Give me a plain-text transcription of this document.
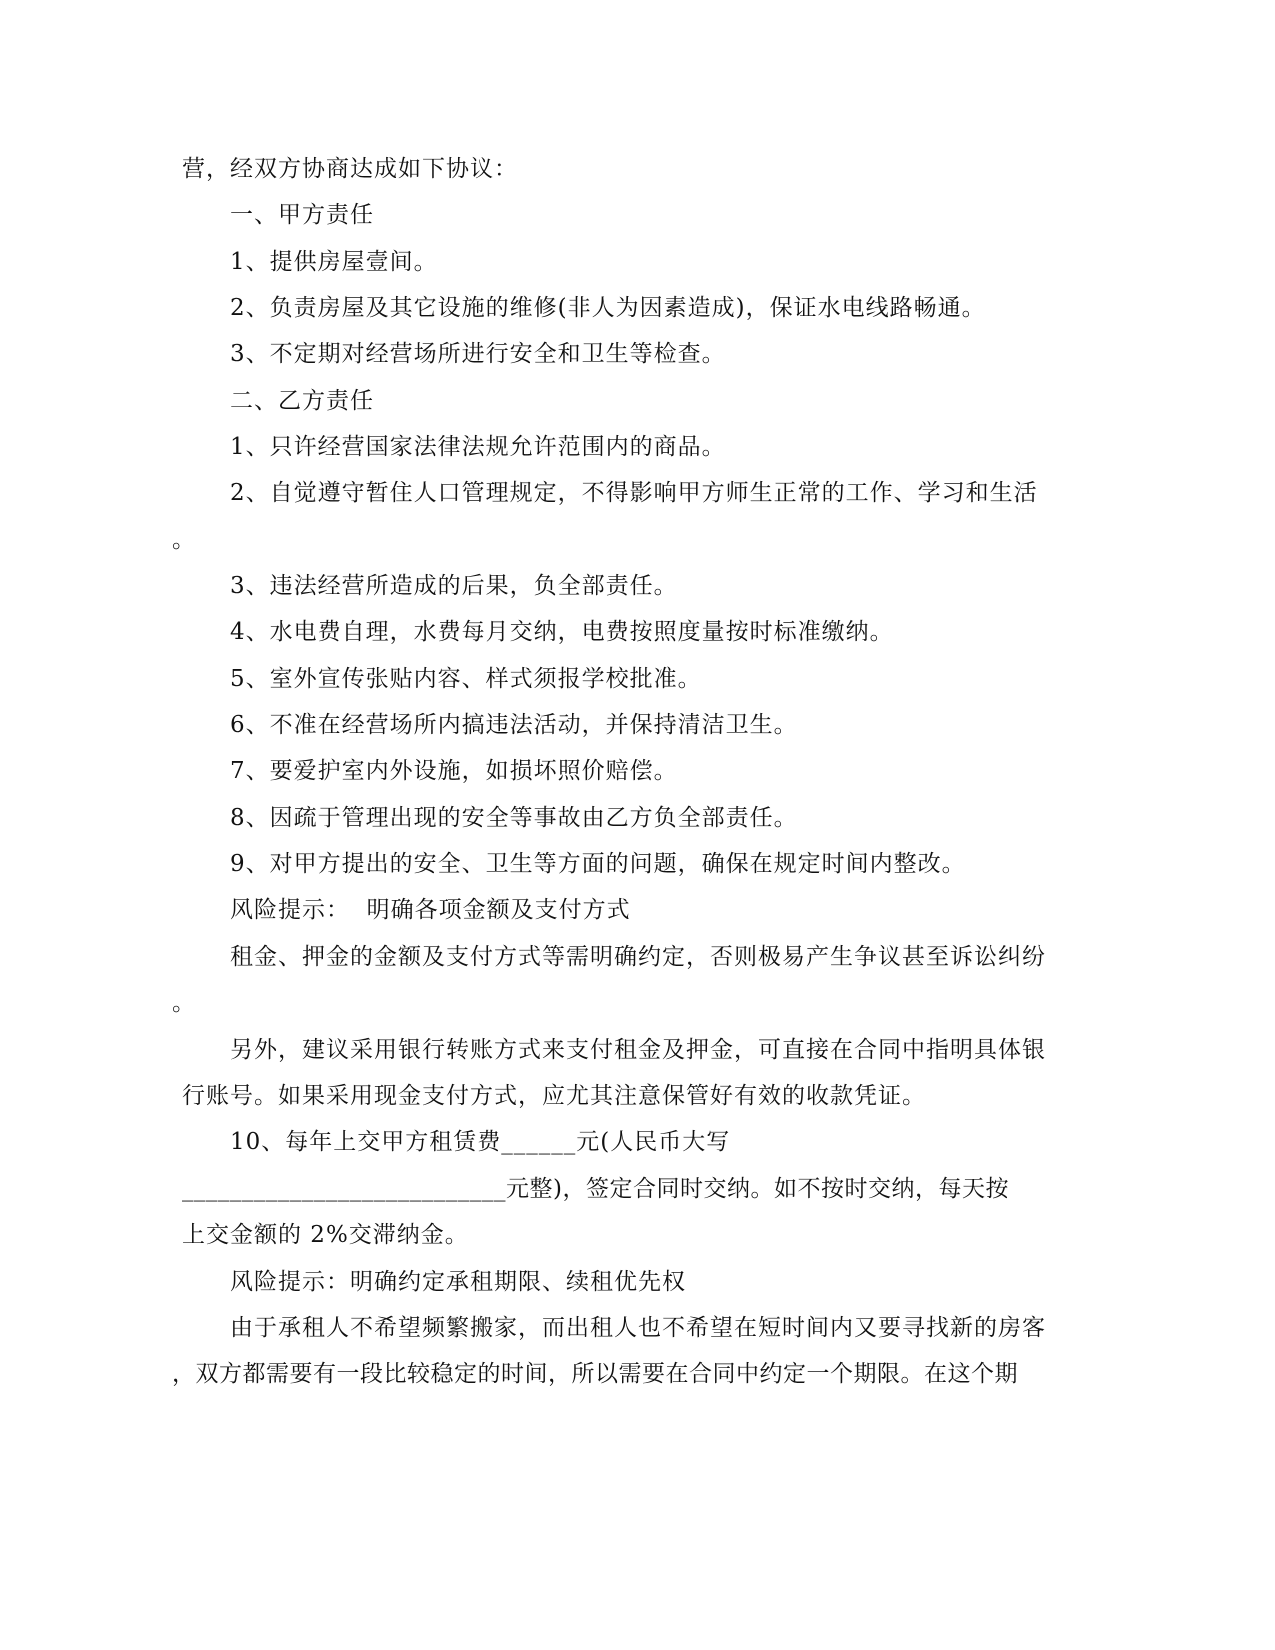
营，经双方协商达成如下协议：
一、甲方责任
1、提供房屋壹间。
2、负责房屋及其它设施的维修(非人为因素造成)，保证水电线路畅通。
3、不定期对经营场所进行安全和卫生等检查。
二、乙方责任
1、只许经营国家法律法规允许范围内的商品。
2、自觉遵守暂住人口管理规定，不得影响甲方师生正常的工作、学习和生活
。
3、违法经营所造成的后果，负全部责任。
4、水电费自理，水费每月交纳，电费按照度量按时标准缴纳。
5、室外宣传张贴内容、样式须报学校批准。
6、不准在经营场所内搞违法活动，并保持清洁卫生。
7、要爱护室内外设施，如损坏照价赔偿。
8、因疏于管理出现的安全等事故由乙方负全部责任。
9、对甲方提出的安全、卫生等方面的问题，确保在规定时间内整改。
风险提示：  明确各项金额及支付方式
租金、押金的金额及支付方式等需明确约定，否则极易产生争议甚至诉讼纠纷
。
另外，建议采用银行转账方式来支付租金及押金，可直接在合同中指明具体银
行账号。如果采用现金支付方式，应尤其注意保管好有效的收款凭证。
10、每年上交甲方租赁费______元(人民币大写
___________________________元整)，签定合同时交纳。如不按时交纳，每天按
上交金额的 2%交滞纳金。
风险提示：明确约定承租期限、续租优先权
由于承租人不希望频繁搬家，而出租人也不希望在短时间内又要寻找新的房客
，双方都需要有一段比较稳定的时间，所以需要在合同中约定一个期限。在这个期
